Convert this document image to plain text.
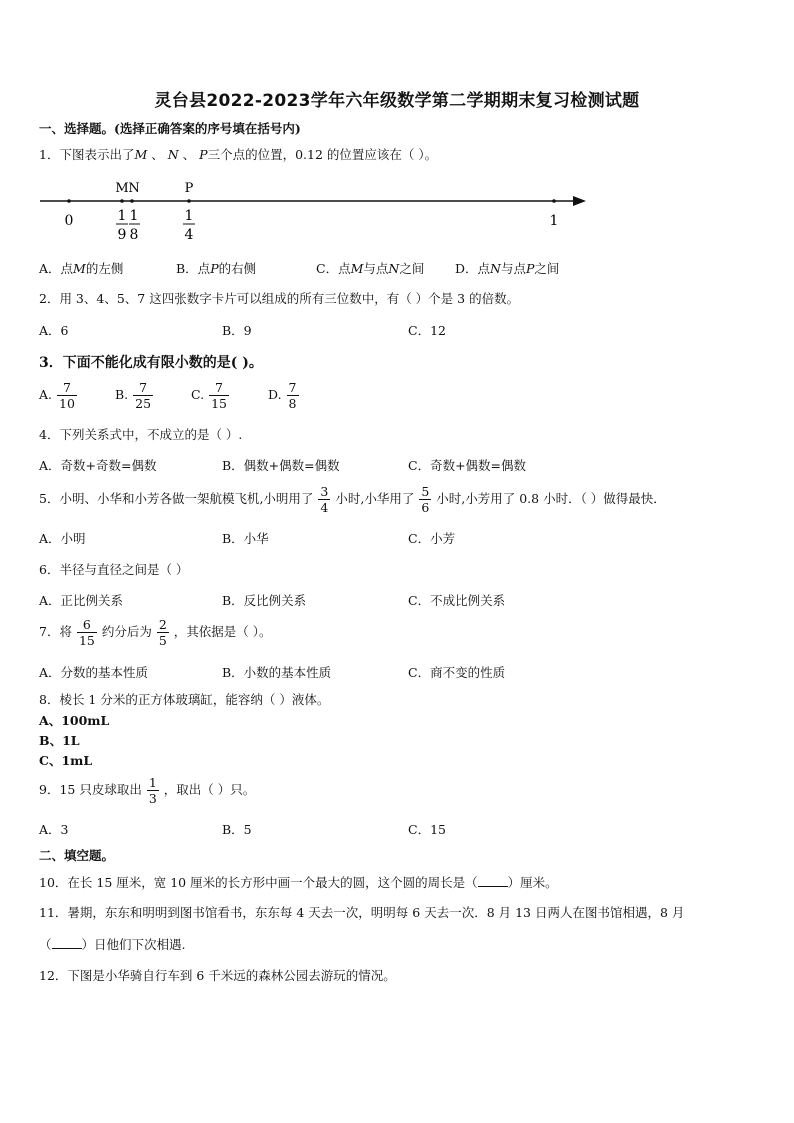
灵台县2022-2023学年六年级数学第二学期期末复习检测试题
一、选择题。(选择正确答案的序号填在括号内)
1．下图表示出了M 、 N 、 P三个点的位置，0.12 的位置应该在（ ）。
M N	P
0	1
1
9
1
8
1
4
A．点M的左侧	B．点P的右侧	C．点M与点N之间 D．点N与点P之间
2．用 3、4、5、7 这四张数字卡片可以组成的所有三位数中，有（ ）个是 3 的倍数。
A．6	B．9	C．12
3．下面不能化成有限小数的是( )。
A. $\frac{7}{10}$	B. $\frac{7}{25}$	C. $\frac{7}{15}$	D. $\frac{7}{8}$
4．下列关系式中，不成立的是（ ）.
A．奇数+奇数=偶数	B．偶数+偶数=偶数	C．奇数+偶数=偶数
5．小明、小华和小芳各做一架航模飞机,小明用了 $\frac{3}{4}$ 小时,小华用了 $\frac{5}{6}$ 小时,小芳用了 0.8 小时．（ ）做得最快．
A．小明	B．小华	C．小芳
6．半径与直径之间是（ ）
A．正比例关系	B．反比例关系	C．不成比例关系
7．将 $\frac{6}{15}$ 约分后为 $\frac{2}{5}$ ，其依据是（ ）。
A．分数的基本性质	B．小数的基本性质	C．商不变的性质
8．棱长 1 分米的正方体玻璃缸，能容纳（ ）液体。
A、100mL
B、1L
C、1mL
9．15 只皮球取出 $\frac{1}{3}$ ，取出（ ）只。
A．3	B．5	C．15
二、填空题。
10．在长 15 厘米，宽 10 厘米的长方形中画一个最大的圆，这个圆的周长是（ ）厘米。
11．暑期，东东和明明到图书馆看书，东东每 4 天去一次，明明每 6 天去一次．8 月 13 日两人在图书馆相遇，8 月
（ ）日他们下次相遇.
12．下图是小华骑自行车到 6 千米远的森林公园去游玩的情况。
